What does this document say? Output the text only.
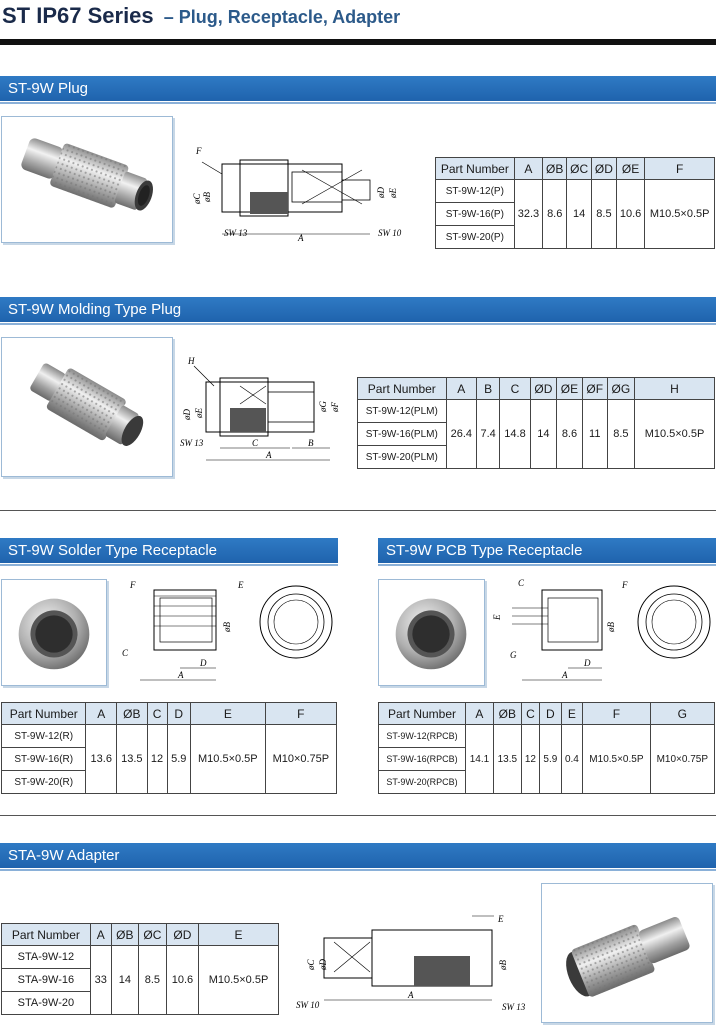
ST IP67 Series – Plug, Receptacle, Adapter
ST-9W Plug
F
øC øB	øD øE
A
SW 13	SW 10
Part Number	A	ØB	ØC	ØD	ØE	F
ST-9W-12(P)	32.3	8.6	14	8.5	10.6	M10.5×0.5P
ST-9W-16(P)						
ST-9W-20(P)						
ST-9W Molding Type Plug
H
øD øE
øG øF
C	B
A
SW 13
Part Number	A	B	C	ØD	ØE	ØF	ØG	H
ST-9W-12(PLM)	26.4	7.4	14.8	14	8.6	11	8.5	M10.5×0.5P
ST-9W-16(PLM)								
ST-9W-20(PLM)								
ST-9W Solder Type Receptacle
F	E
C
øB
D
A
Part Number	A	ØB	C	D	E	F
ST-9W-12(R)	13.6	13.5	12	5.9	M10.5×0.5P	M10×0.75P
ST-9W-16(R)						
ST-9W-20(R)						
ST-9W PCB Type Receptacle
C	F
E
G
øB
D
A
Part Number	A	ØB	C	D	E	F	G
ST-9W-12(RPCB)	14.1	13.5	12	5.9	0.4	M10.5×0.5P	M10×0.75P
ST-9W-16(RPCB)							
ST-9W-20(RPCB)							
STA-9W Adapter
Part Number	A	ØB	ØC	ØD	E
STA-9W-12	33	14	8.5	10.6	M10.5×0.5P
STA-9W-16					
STA-9W-20					
E
øC øD	øB
A
SW 10	SW 13
